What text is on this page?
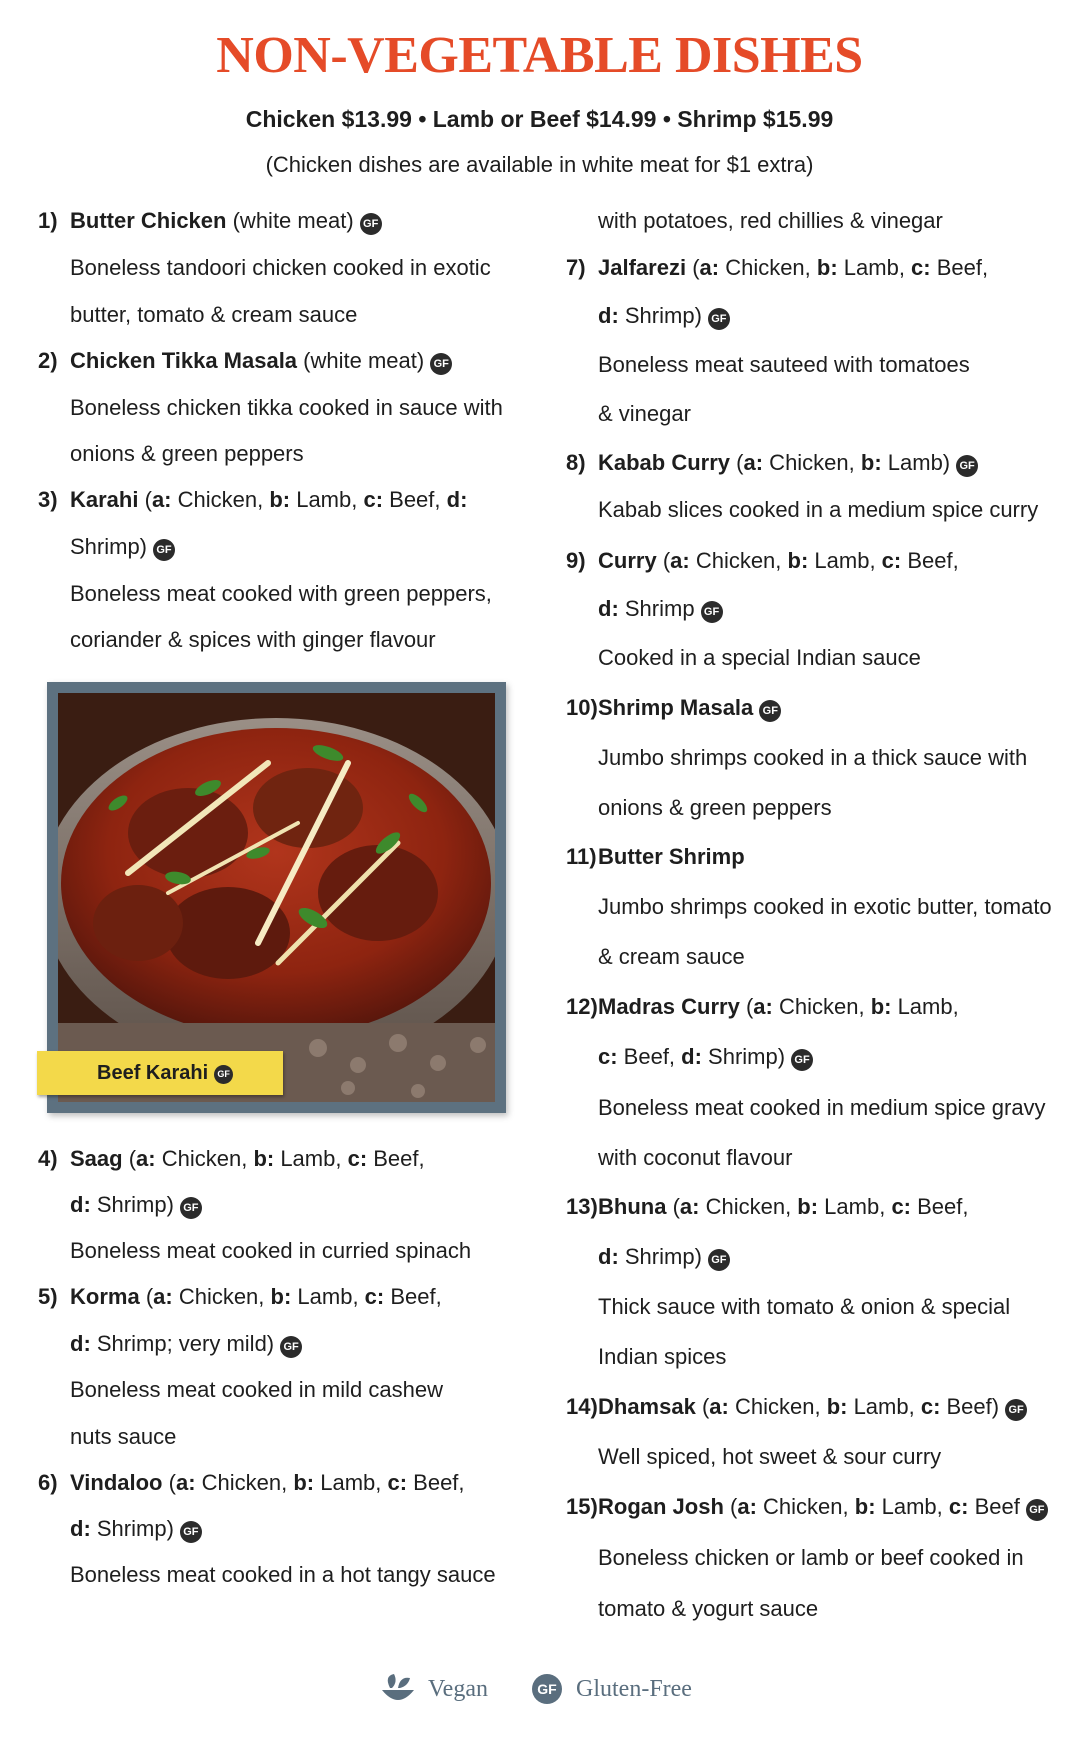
NON-VEGETABLE DISHES
Chicken $13.99 • Lamb or Beef $14.99 • Shrimp $15.99
(Chicken dishes are available in white meat for $1 extra)
1) Butter Chicken (white meat) GF
Boneless tandoori chicken cooked in exotic
butter, tomato & cream sauce
2) Chicken Tikka Masala (white meat) GF
Boneless chicken tikka cooked in sauce with
onions & green peppers
3) Karahi (a: Chicken, b: Lamb, c: Beef, d:
Shrimp) GF
Boneless meat cooked with green peppers,
coriander & spices with ginger flavour
4) Saag (a: Chicken, b: Lamb, c: Beef,
d: Shrimp) GF
Boneless meat cooked in curried spinach
5) Korma (a: Chicken, b: Lamb, c: Beef,
d: Shrimp; very mild) GF
Boneless meat cooked in mild cashew
nuts sauce
6) Vindaloo (a: Chicken, b: Lamb, c: Beef,
d: Shrimp) GF
Boneless meat cooked in a hot tangy sauce
Beef Karahi GF
with potatoes, red chillies & vinegar
7) Jalfarezi (a: Chicken, b: Lamb, c: Beef,
d: Shrimp) GF
Boneless meat sauteed with tomatoes
& vinegar
8) Kabab Curry (a: Chicken, b: Lamb) GF
Kabab slices cooked in a medium spice curry
9) Curry (a: Chicken, b: Lamb, c: Beef,
d: Shrimp GF
Cooked in a special Indian sauce
10) Shrimp Masala GF
Jumbo shrimps cooked in a thick sauce with
onions & green peppers
11) Butter Shrimp
Jumbo shrimps cooked in exotic butter, tomato
& cream sauce
12) Madras Curry (a: Chicken, b: Lamb,
c: Beef, d: Shrimp) GF
Boneless meat cooked in medium spice gravy
with coconut flavour
13) Bhuna (a: Chicken, b: Lamb, c: Beef,
d: Shrimp) GF
Thick sauce with tomato & onion & special
Indian spices
14) Dhamsak (a: Chicken, b: Lamb, c: Beef) GF
Well spiced, hot sweet & sour curry
15) Rogan Josh (a: Chicken, b: Lamb, c: Beef GF
Boneless chicken or lamb or beef cooked in
tomato & yogurt sauce
Vegan	GF Gluten-Free
